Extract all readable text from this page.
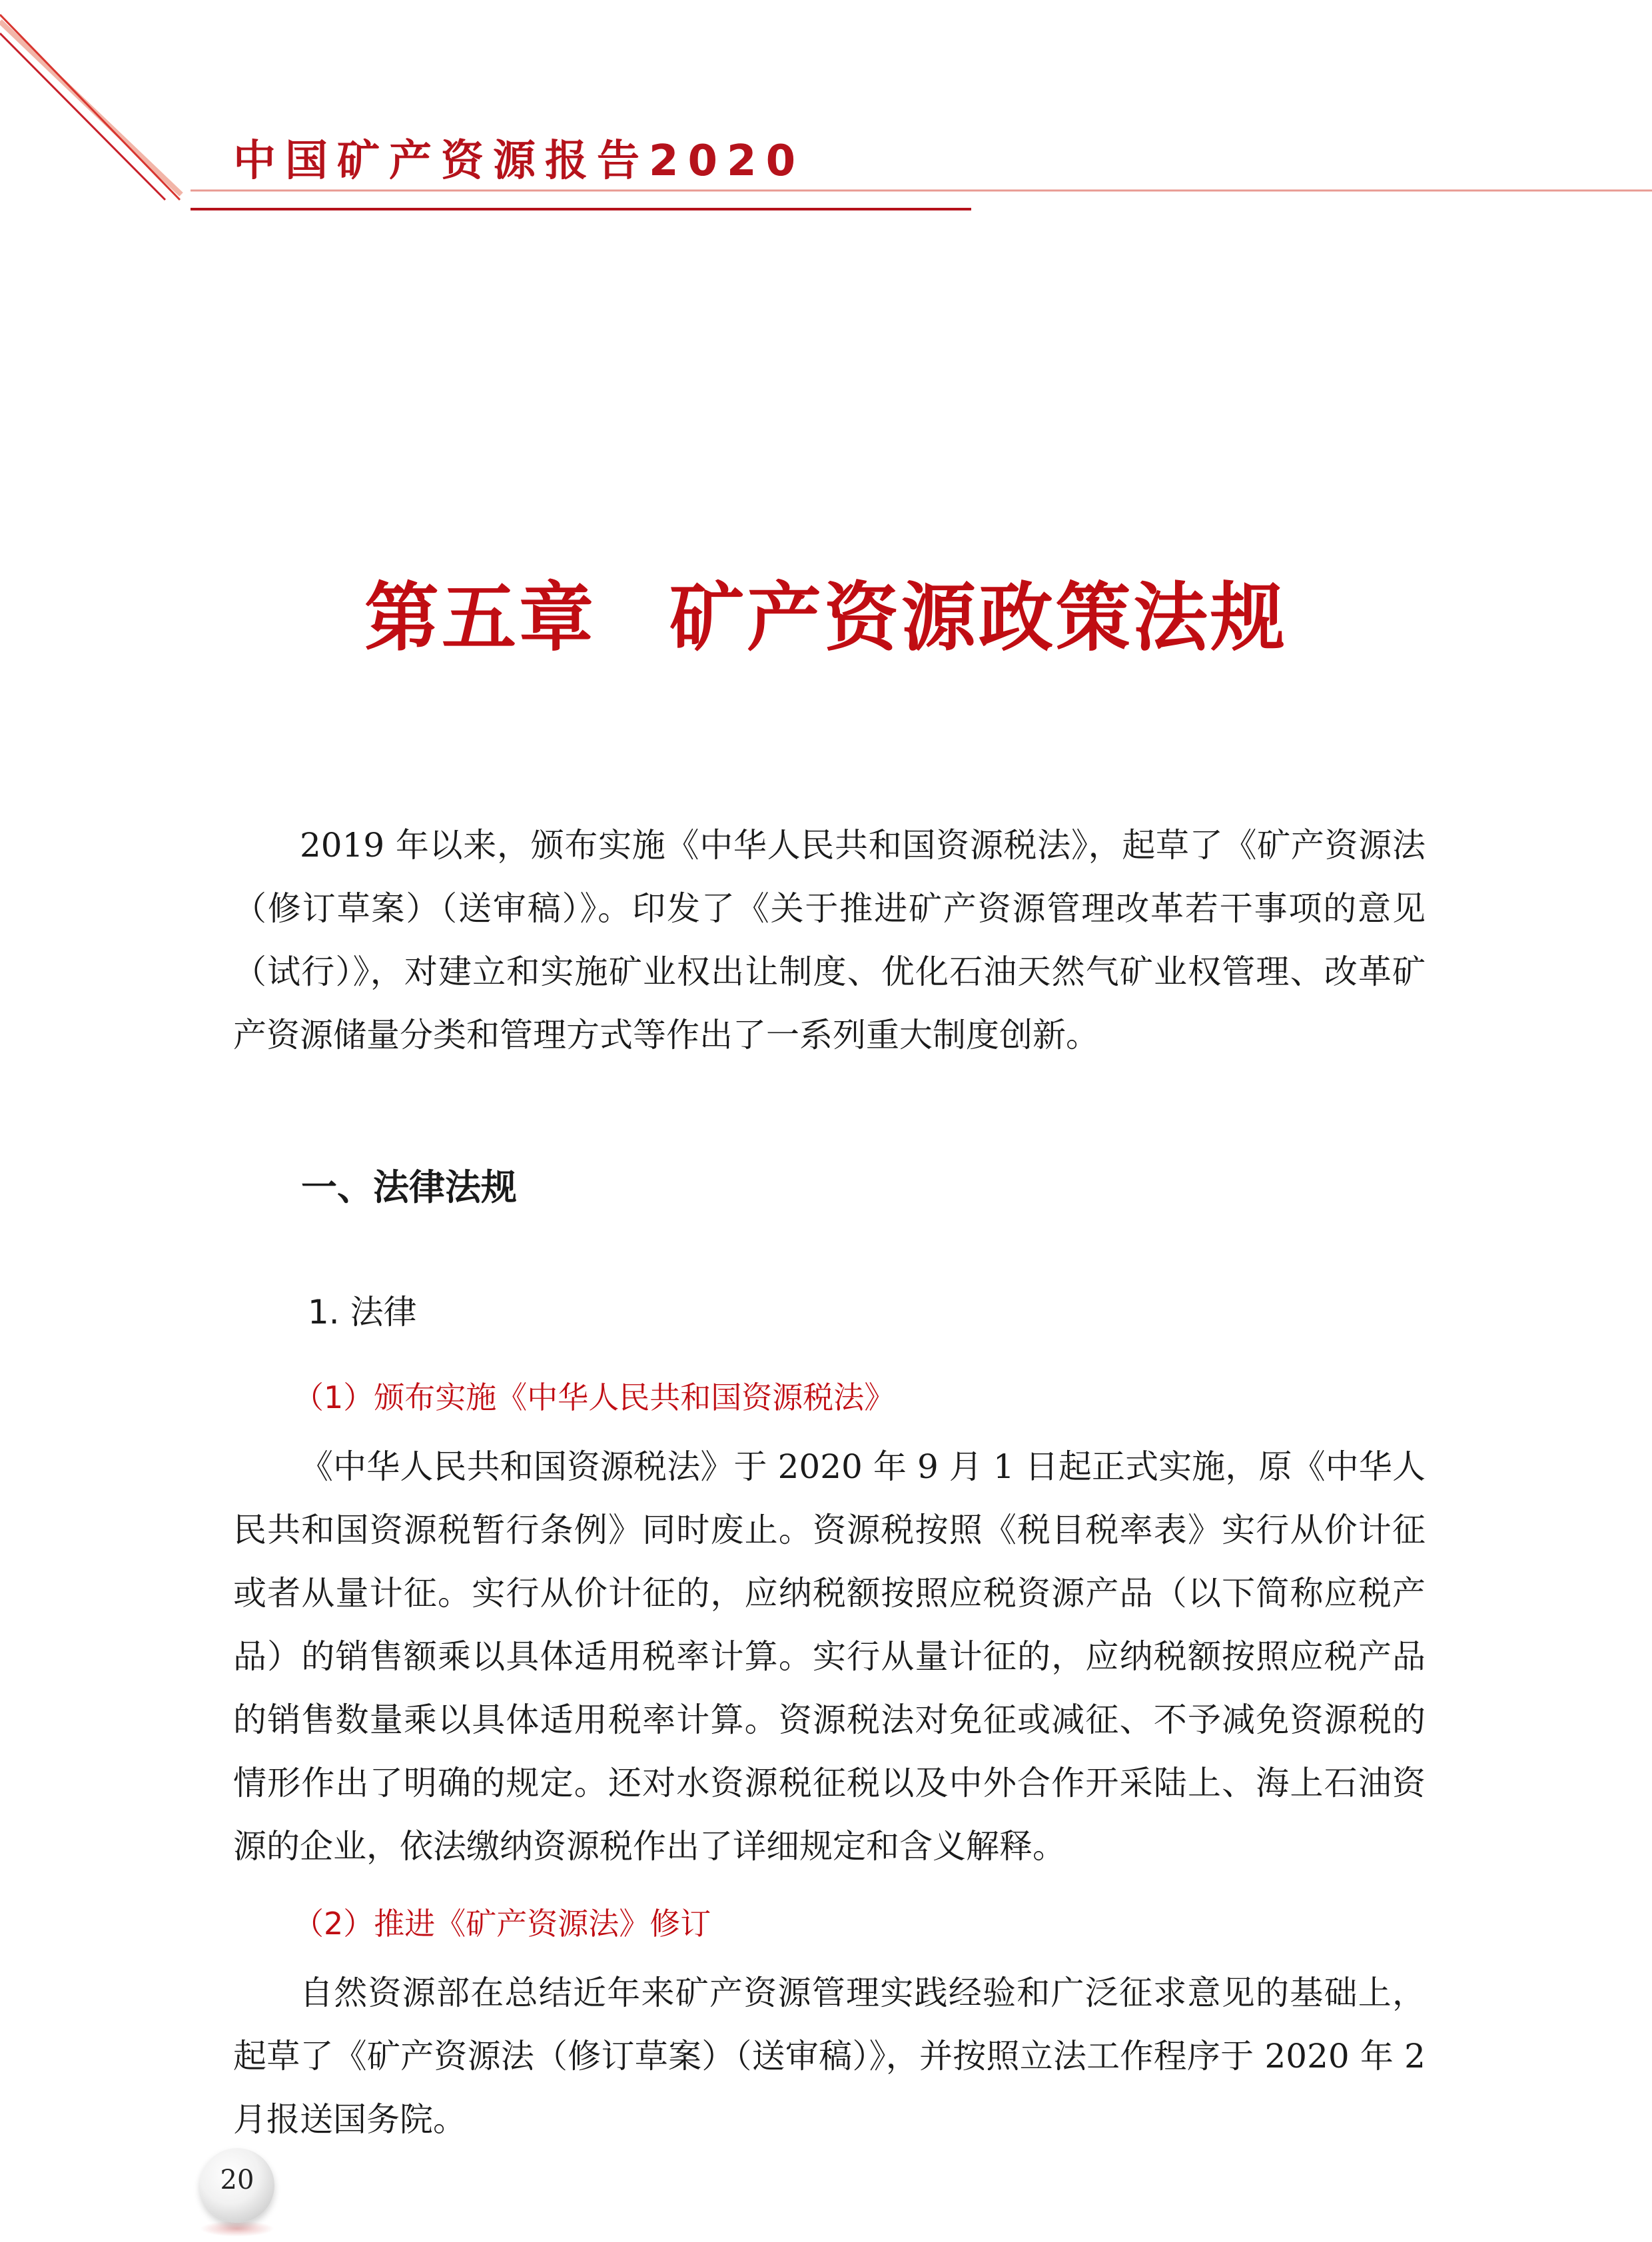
中国矿产资源报告2020
第五章 矿产资源政策法规

2019 年以来，颁布实施《中华人民共和国资源税法》，起草了《矿产资源法（修订草案）（送审稿）》。印发了《关于推进矿产资源管理改革若干事项的意见（试行）》，对建立和实施矿业权出让制度、优化石油天然气矿业权管理、改革矿产资源储量分类和管理方式等作出了一系列重大制度创新。

一、法律法规
1. 法律
（1）颁布实施《中华人民共和国资源税法》

《中华人民共和国资源税法》于 2020 年 9 月 1 日起正式实施，原《中华人民共和国资源税暂行条例》同时废止。资源税按照《税目税率表》实行从价计征或者从量计征。实行从价计征的，应纳税额按照应税资源产品（以下简称应税产品）的销售额乘以具体适用税率计算。实行从量计征的，应纳税额按照应税产品的销售数量乘以具体适用税率计算。资源税法对免征或减征、不予减免资源税的情形作出了明确的规定。还对水资源税征税以及中外合作开采陆上、海上石油资源的企业，依法缴纳资源税作出了详细规定和含义解释。

（2）推进《矿产资源法》修订

自然资源部在总结近年来矿产资源管理实践经验和广泛征求意见的基础上，起草了《矿产资源法（修订草案）（送审稿）》，并按照立法工作程序于 2020 年 2 月报送国务院。

20
